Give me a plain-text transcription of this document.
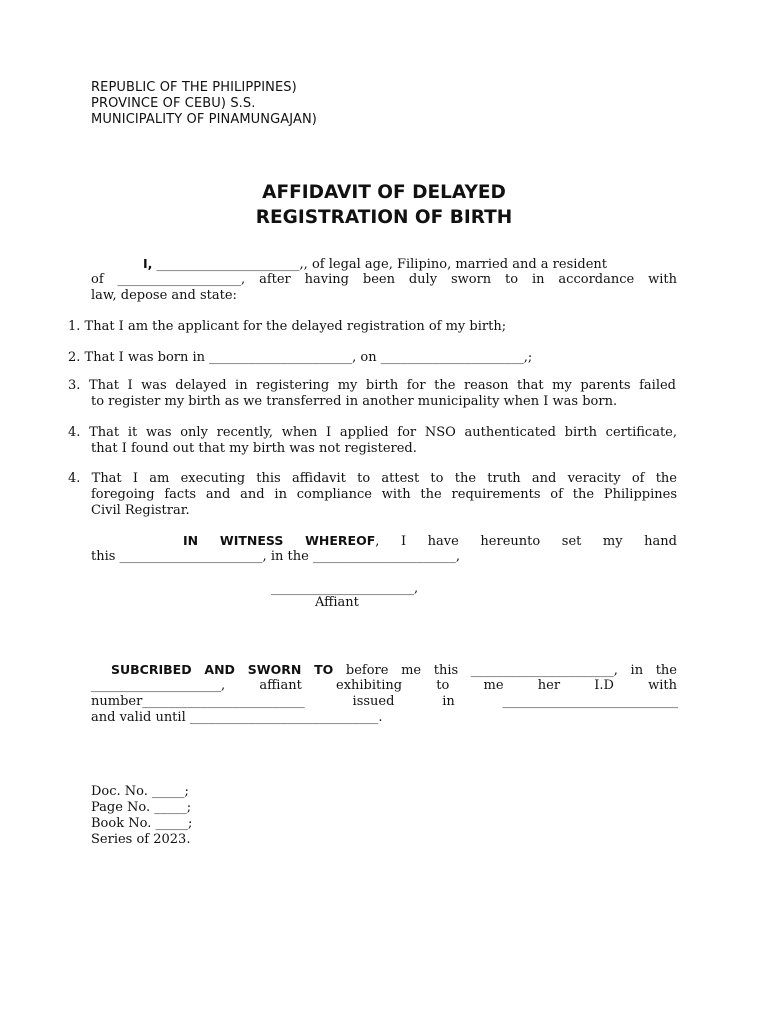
REPUBLIC OF THE PHILIPPINES)
PROVINCE OF CEBU) S.S.
MUNICIPALITY OF PINAMUNGAJAN)
AFFIDAVIT OF DELAYED
REGISTRATION OF BIRTH
I, ______________________,, of legal age, Filipino, married and a resident
of ___________________, after having been duly sworn to in accordance with
law, depose and state:
1. That I am the applicant for the delayed registration of my birth;
2. That I was born in ______________________, on ______________________,;
3. That I was delayed in registering my birth for the reason that my parents failed
to register my birth as we transferred in another municipality when I was born.
4. That it was only recently, when I applied for NSO authenticated birth certificate,
that I found out that my birth was not registered.
4. That I am executing this affidavit to attest to the truth and veracity of the
foregoing facts and and in compliance with the requirements of the Philippines
Civil Registrar.
IN WITNESS WHEREOF, I have hereunto set my hand
this ______________________, in the ______________________,
______________________,
Affiant
SUBCRIBED AND SWORN TO before me this ______________________, in the
____________________, affiant exhibiting to me her I.D with
number_________________________ issued in ___________________________
and valid until _____________________________.
Doc. No. _____;
Page No. _____;
Book No. _____;
Series of 2023.
